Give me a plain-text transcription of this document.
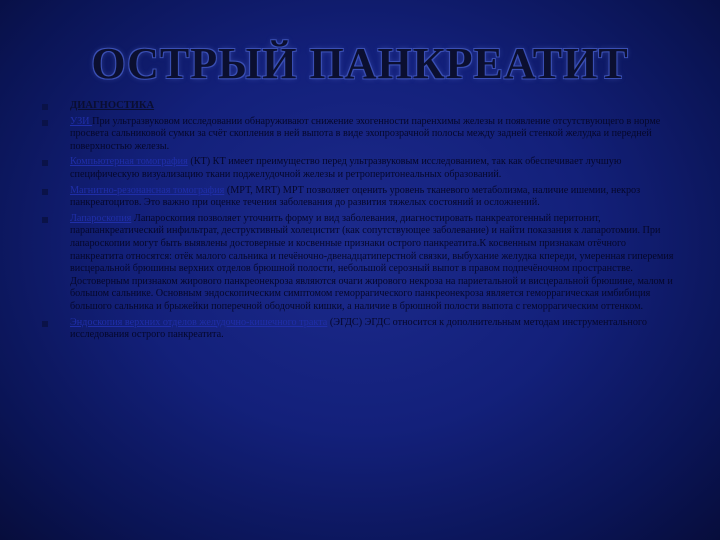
ОСТРЫЙ ПАНКРЕАТИТ
ДИАГНОСТИКА
УЗИ При ультразвуковом исследовании обнаруживают снижение эхогенности паренхимы железы и появление отсутствующего в норме просвета сальниковой сумки за счёт скопления в ней выпота в виде эхопрозрачной полосы между задней стенкой желудка и передней поверхностью железы.
Компьютерная томография (КТ) КТ имеет преимущество перед ультразвуковым исследованием, так как обеспечивает лучшую специфическую визуализацию ткани поджелудочной железы и ретроперитонеальных образований.
Магнитно-резонансная томография (МРТ, MRT) МРТ позволяет оценить уровень тканевого метаболизма, наличие ишемии, некроз панкреатоцитов. Это важно при оценке течения заболевания до развития тяжелых состояний и осложнений.
Лапароскопия Лапароскопия позволяет уточнить форму и вид заболевания, диагностировать панкреатогенный перитонит, парапанкреатический инфильтрат, деструктивный холецистит (как сопутствующее заболевание) и найти показания к лапаротомии. При лапароскопии могут быть выявлены достоверные и косвенные признаки острого панкреатита.К косвенным признакам отёчного панкреатита относятся: отёк малого сальника и печёночно-двенадцатиперстной связки, выбухание желудка кпереди, умеренная гиперемия висцеральной брюшины верхних отделов брюшной полости, небольшой серозный выпот в правом подпечёночном пространстве. Достоверным признаком жирового панкреонекроза являются очаги жирового некроза на париетальной и висцеральной брюшине, малом и большом сальнике. Основным эндоскопическим симптомом геморрагического панкреонекроза является геморрагическая имбибиция большого сальника и брыжейки поперечной ободочной кишки, а наличие в брюшной полости выпота с геморрагическим оттенком.
Эндоскопия верхних отделов желудочно-кишечного тракта (ЭГДС) ЭГДС относится к дополнительным методам инструментального исследования острого панкреатита.
